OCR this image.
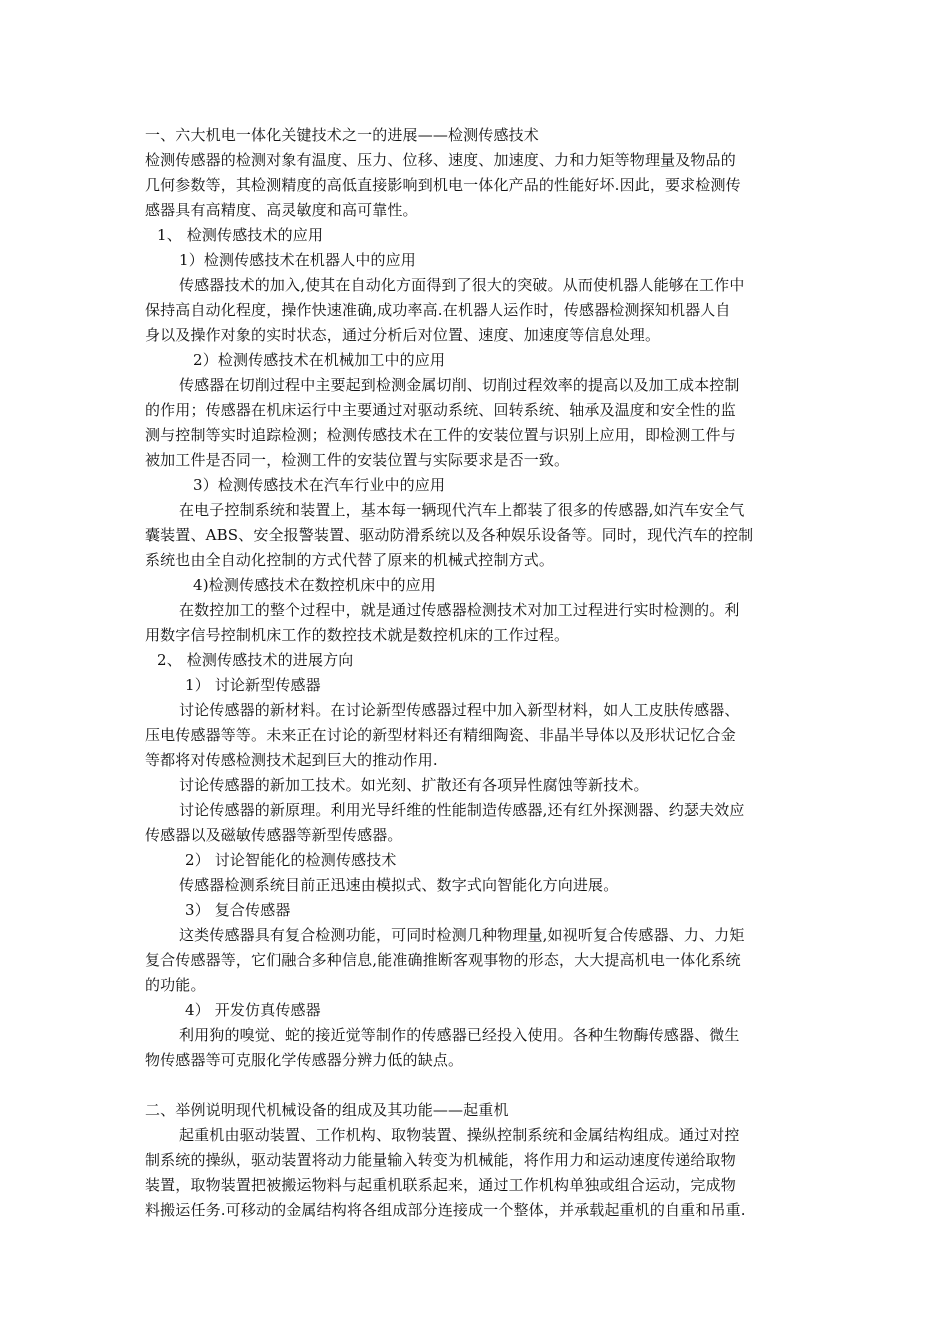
一、六大机电一体化关键技术之一的进展——检测传感技术
检测传感器的检测对象有温度、压力、位移、速度、加速度、力和力矩等物理量及物品的
几何参数等，其检测精度的高低直接影响到机电一体化产品的性能好坏.因此，要求检测传
感器具有高精度、高灵敏度和高可靠性。
1、 检测传感技术的应用
1）检测传感技术在机器人中的应用
传感器技术的加入,使其在自动化方面得到了很大的突破。从而使机器人能够在工作中
保持高自动化程度，操作快速准确,成功率高.在机器人运作时，传感器检测探知机器人自
身以及操作对象的实时状态，通过分析后对位置、速度、加速度等信息处理。
2）检测传感技术在机械加工中的应用
传感器在切削过程中主要起到检测金属切削、切削过程效率的提高以及加工成本控制
的作用；传感器在机床运行中主要通过对驱动系统、回转系统、轴承及温度和安全性的监
测与控制等实时追踪检测；检测传感技术在工件的安装位置与识别上应用，即检测工件与
被加工件是否同一，检测工件的安装位置与实际要求是否一致。
3）检测传感技术在汽车行业中的应用
在电子控制系统和装置上，基本每一辆现代汽车上都装了很多的传感器,如汽车安全气
囊装置、ABS、安全报警装置、驱动防滑系统以及各种娱乐设备等。同时，现代汽车的控制
系统也由全自动化控制的方式代替了原来的机械式控制方式。
4)检测传感技术在数控机床中的应用
在数控加工的整个过程中，就是通过传感器检测技术对加工过程进行实时检测的。利
用数字信号控制机床工作的数控技术就是数控机床的工作过程。
2、 检测传感技术的进展方向
1） 讨论新型传感器
讨论传感器的新材料。在讨论新型传感器过程中加入新型材料，如人工皮肤传感器、
压电传感器等等。未来正在讨论的新型材料还有精细陶瓷、非晶半导体以及形状记忆合金
等都将对传感检测技术起到巨大的推动作用.
讨论传感器的新加工技术。如光刻、扩散还有各项异性腐蚀等新技术。
讨论传感器的新原理。利用光导纤维的性能制造传感器,还有红外探测器、约瑟夫效应
传感器以及磁敏传感器等新型传感器。
2） 讨论智能化的检测传感技术
传感器检测系统目前正迅速由模拟式、数字式向智能化方向进展。
3） 复合传感器
这类传感器具有复合检测功能，可同时检测几种物理量,如视听复合传感器、力、力矩
复合传感器等，它们融合多种信息,能准确推断客观事物的形态，大大提高机电一体化系统
的功能。
4） 开发仿真传感器
利用狗的嗅觉、蛇的接近觉等制作的传感器已经投入使用。各种生物酶传感器、微生
物传感器等可克服化学传感器分辨力低的缺点。
二、举例说明现代机械设备的组成及其功能——起重机
起重机由驱动装置、工作机构、取物装置、操纵控制系统和金属结构组成。通过对控
制系统的操纵，驱动装置将动力能量输入转变为机械能，将作用力和运动速度传递给取物
装置，取物装置把被搬运物料与起重机联系起来，通过工作机构单独或组合运动，完成物
料搬运任务.可移动的金属结构将各组成部分连接成一个整体，并承载起重机的自重和吊重.
